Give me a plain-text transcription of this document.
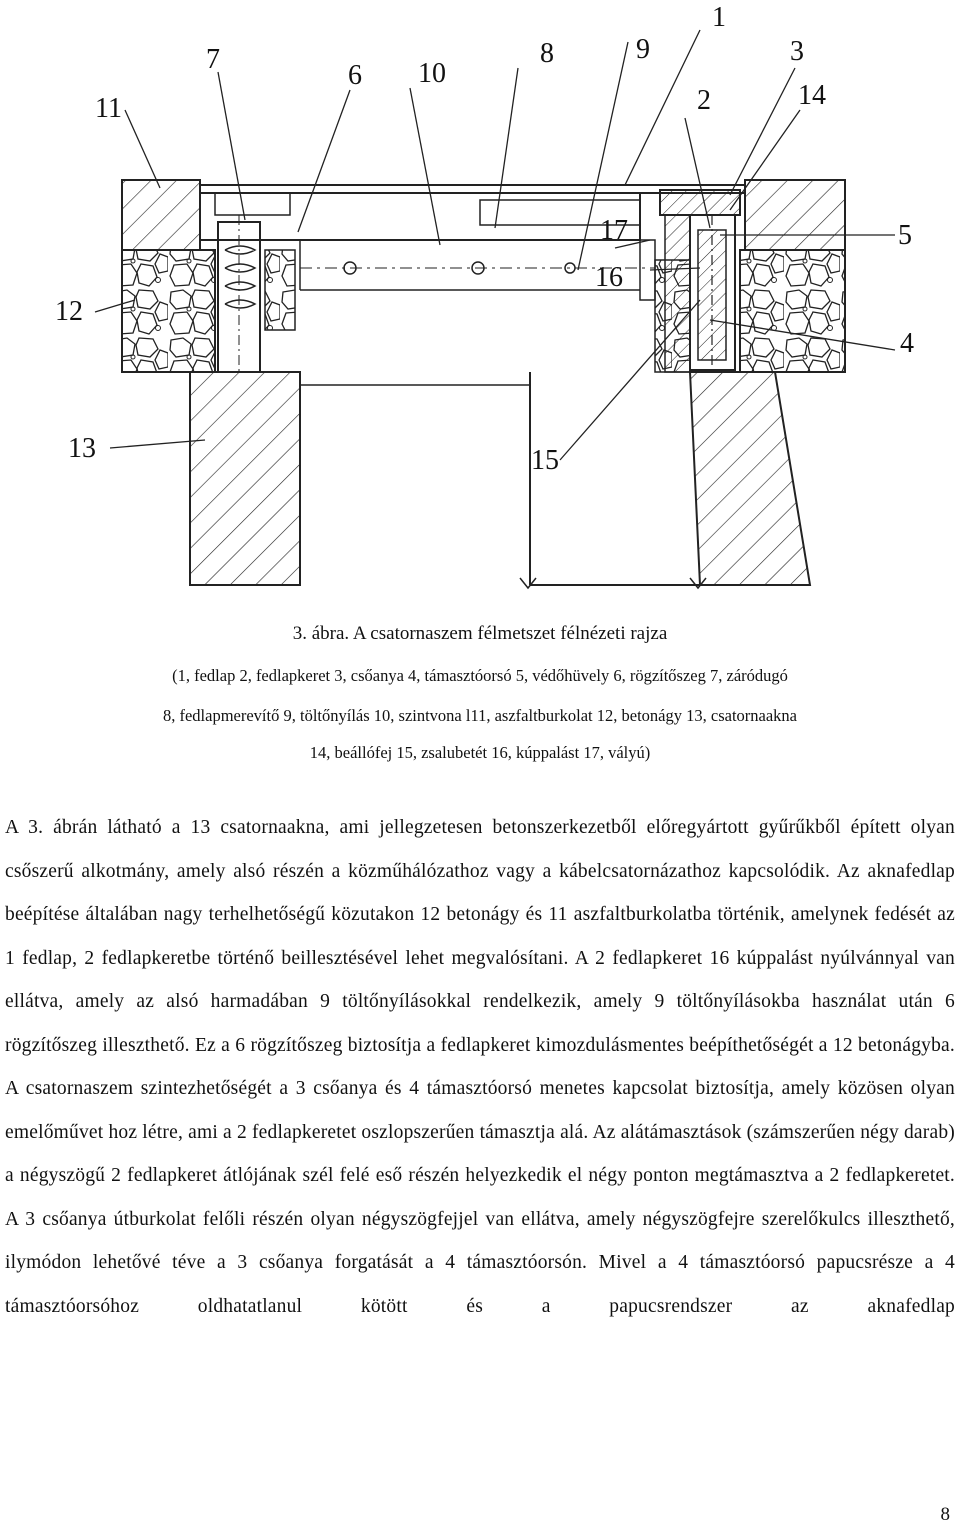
11
7
6 10
8	9
1
3
2	14
17
16
5
12
4
13	15
3. ábra. A csatornaszem félmetszet félnézeti rajza
(1, fedlap 2, fedlapkeret 3, csőanya 4, támasztóorsó 5, védőhüvely 6, rögzítőszeg 7, záródugó
8, fedlapmerevítő 9, töltőnyílás 10, szintvona l11, aszfaltburkolat 12, betonágy 13, csatornaakna
14, beállófej 15, zsalubetét 16, kúppalást 17, vályú)

A 3. ábrán látható a 13 csatornaakna, ami jellegzetesen betonszerkezetből előregyártott gyűrűkből épített olyan csőszerű alkotmány, amely alsó részén a közműhálózathoz vagy a kábelcsatornázathoz kapcsolódik. Az aknafedlap beépítése általában nagy terhelhetőségű közutakon 12 betonágy és 11 aszfaltburkolatba történik, amelynek fedését az 1 fedlap, 2 fedlapkeretbe történő beillesztésével lehet megvalósítani. A 2 fedlapkeret 16 kúppalást nyúlvánnyal van ellátva, amely az alsó harmadában 9 töltőnyílásokkal rendelkezik, amely 9 töltőnyílásokba használat után 6 rögzítőszeg illeszthető. Ez a 6 rögzítőszeg biztosítja a fedlapkeret kimozdulásmentes beépíthetőségét a 12 betonágyba. A csatornaszem szintezhetőségét a 3 csőanya és 4 támasztóorsó menetes kapcsolat biztosítja, amely közösen olyan emelőművet hoz létre, ami a 2 fedlapkeretet oszlopszerűen támasztja alá. Az alátámasztások (számszerűen négy darab) a négyszögű 2 fedlapkeret átlójának szél felé eső részén helyezkedik el négy ponton megtámasztva a 2 fedlapkeretet. A 3 csőanya útburkolat felőli részén olyan négyszögfejjel van ellátva, amely négyszögfejre szerelőkulcs illeszthető, ilymódon lehetővé téve a 3 csőanya forgatását a 4 támasztóorsón. Mivel a 4 támasztóorsó papucsrésze a 4 támasztóorsóhoz oldhatatlanul kötött és a papucsrendszer az aknafedlap

8
